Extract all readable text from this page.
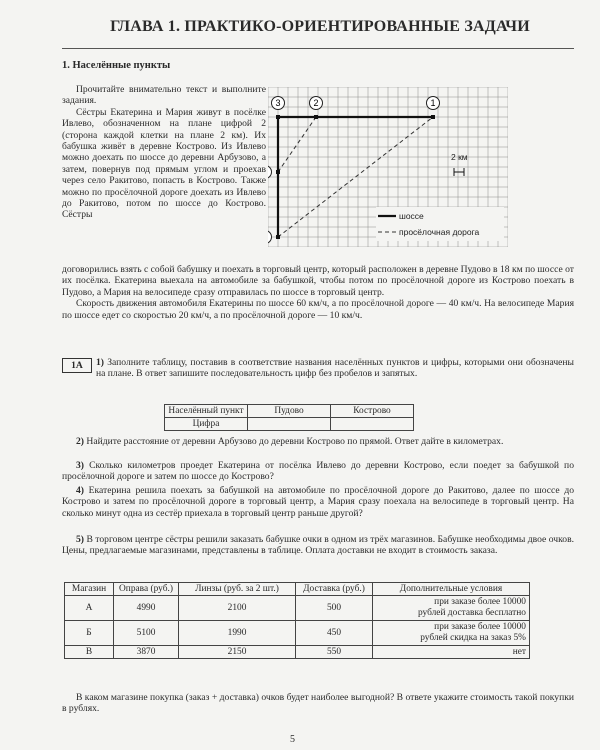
ГЛАВА 1. ПРАКТИКО-ОРИЕНТИРОВАННЫЕ ЗАДАЧИ
1. Населённые пункты

Прочитайте внимательно текст и выполните задания.

Сёстры Екатерина и Мария живут в посёлке Ивлево, обозначенном на плане цифрой 2 (сторона каждой клетки на плане 2 км). Их бабушка живёт в деревне Кострово. Из Ивлево можно доехать по шоссе до деревни Арбузово, а затем, повернув под прямым углом и проехав через село Ракитово, попасть в Кострово. Также можно по просёлочной дороге доехать из Ивлево до Ракитово, потом по шоссе до Кострово. Сёстры

3	2	1
2 км
шоссе
просёлочная дорога

договорились взять с собой бабушку и поехать в торговый центр, который расположен в деревне Пудово в 18 км по шоссе от их посёлка. Екатерина выехала на автомобиле за бабушкой, чтобы потом по просёлочной дороге из Кострово поехать в Пудово, а Мария на велосипеде сразу отправилась по шоссе в торговый центр.

Скорость движения автомобиля Екатерины по шоссе 60 км/ч, а по просёлочной дороге — 40 км/ч. На велосипеде Мария по шоссе едет со скоростью 20 км/ч, а по просёлочной дороге — 10 км/ч.

1А	1) Заполните таблицу, поставив в соответствие названия населённых пунктов и цифры, которыми они обозначены на плане. В ответ запишите последовательность цифр без пробелов и запятых.
Населённый пункт	Пудово	Кострово
Цифра		

2) Найдите расстояние от деревни Арбузово до деревни Кострово по прямой. Ответ дайте в километрах.

3) Сколько километров проедет Екатерина от посёлка Ивлево до деревни Кострово, если поедет за бабушкой по просёлочной дороге и затем по шоссе до Кострово?

4) Екатерина решила поехать за бабушкой на автомобиле по просёлочной дороге до Ракитово, далее по шоссе до Кострово и затем по просёлочной дороге в торговый центр, а Мария сразу поехала на велосипеде в торговый центр. На сколько минут одна из сестёр приехала в торговый центр раньше другой?

5) В торговом центре сёстры решили заказать бабушке очки в одном из трёх магазинов. Бабушке необходимы двое очков. Цены, предлагаемые магазинами, представлены в таблице. Оплата доставки не входит в стоимость заказа.

Магазин	Оправа (руб.)	Линзы (руб. за 2 шт.)	Доставка (руб.)	Дополнительные условия
А	4990	2100	500	при заказе более 10000
рублей доставка бесплатно
Б	5100	1990	450	при заказе более 10000
рублей скидка на заказ 5%
В	3870	2150	550	нет

В каком магазине покупка (заказ + доставка) очков будет наиболее выгодной? В ответе укажите стоимость такой покупки в рублях.

5
